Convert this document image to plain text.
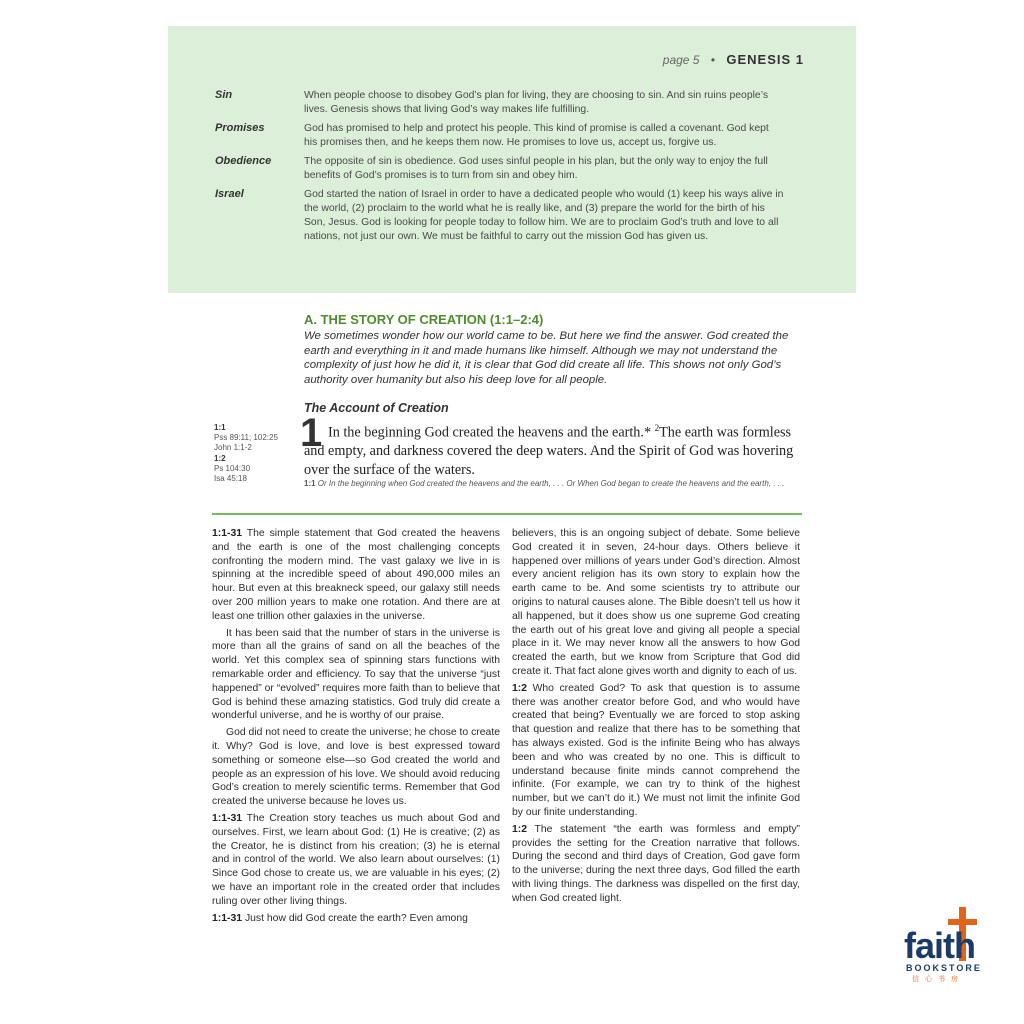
page 5 • GENESIS 1
Sin	When people choose to disobey God’s plan for living, they are choosing to sin. And sin ruins people’s lives. Genesis shows that living God’s way makes life fulfilling.
Promises	God has promised to help and protect his people. This kind of promise is called a covenant. God kept his promises then, and he keeps them now. He promises to love us, accept us, forgive us.
Obedience	The opposite of sin is obedience. God uses sinful people in his plan, but the only way to enjoy the full benefits of God’s promises is to turn from sin and obey him.
Israel	God started the nation of Israel in order to have a dedicated people who would (1) keep his ways alive in the world, (2) proclaim to the world what he is really like, and (3) prepare the world for the birth of his Son, Jesus. God is looking for people today to follow him. We are to proclaim God’s truth and love to all nations, not just our own. We must be faithful to carry out the mission God has given us.
A. THE STORY OF CREATION (1:1–2:4)
We sometimes wonder how our world came to be. But here we find the answer. God created the earth and everything in it and made humans like himself. Although we may not understand the complexity of just how he did it, it is clear that God did create all life. This shows not only God’s authority over humanity but also his deep love for all people.
The Account of Creation
1:1
Pss 89:11; 102:25
John 1:1-2
1:2
Ps 104:30
Isa 45:18
1 In the beginning God created the heavens and the earth.* $^2$The earth was formless and empty, and darkness covered the deep waters. And the Spirit of God was hovering over the surface of the waters.
1:1 Or In the beginning when God created the heavens and the earth, . . . Or When God began to create the heavens and the earth, . . .

1:1-31 The simple statement that God created the heavens and the earth is one of the most challenging concepts confronting the modern mind. The vast galaxy we live in is spinning at the incredible speed of about 490,000 miles an hour. But even at this breakneck speed, our galaxy still needs over 200 million years to make one rotation. And there are at least one trillion other galaxies in the universe.

It has been said that the number of stars in the universe is more than all the grains of sand on all the beaches of the world. Yet this complex sea of spinning stars functions with remarkable order and efficiency. To say that the universe “just happened” or “evolved” requires more faith than to believe that God is behind these amazing statistics. God truly did create a wonderful universe, and he is worthy of our praise.

God did not need to create the universe; he chose to create it. Why? God is love, and love is best expressed toward something or someone else—so God created the world and people as an expression of his love. We should avoid reducing God’s creation to merely scientific terms. Remember that God created the universe because he loves us.

1:1-31 The Creation story teaches us much about God and ourselves. First, we learn about God: (1) He is creative; (2) as the Creator, he is distinct from his creation; (3) he is eternal and in control of the world. We also learn about ourselves: (1) Since God chose to create us, we are valuable in his eyes; (2) we have an important role in the created order that includes ruling over other living things.

1:1-31 Just how did God create the earth? Even among

believers, this is an ongoing subject of debate. Some believe God created it in seven, 24-hour days. Others believe it happened over millions of years under God’s direction. Almost every ancient religion has its own story to explain how the earth came to be. And some scientists try to attribute our origins to natural causes alone. The Bible doesn’t tell us how it all happened, but it does show us one supreme God creating the earth out of his great love and giving all people a special place in it. We may never know all the answers to how God created the earth, but we know from Scripture that God did create it. That fact alone gives worth and dignity to each of us.

1:2 Who created God? To ask that question is to assume there was another creator before God, and who would have created that being? Eventually we are forced to stop asking that question and realize that there has to be something that has always existed. God is the infinite Being who has always been and who was created by no one. This is difficult to understand because finite minds cannot comprehend the infinite. (For example, we can try to think of the highest number, but we can’t do it.) We must not limit the infinite God by our finite understanding.

1:2 The statement “the earth was formless and empty” provides the setting for the Creation narrative that follows. During the second and third days of Creation, God gave form to the universe; during the next three days, God filled the earth with living things. The darkness was dispelled on the first day, when God created light.

faith
BOOKSTORE
信心书房
